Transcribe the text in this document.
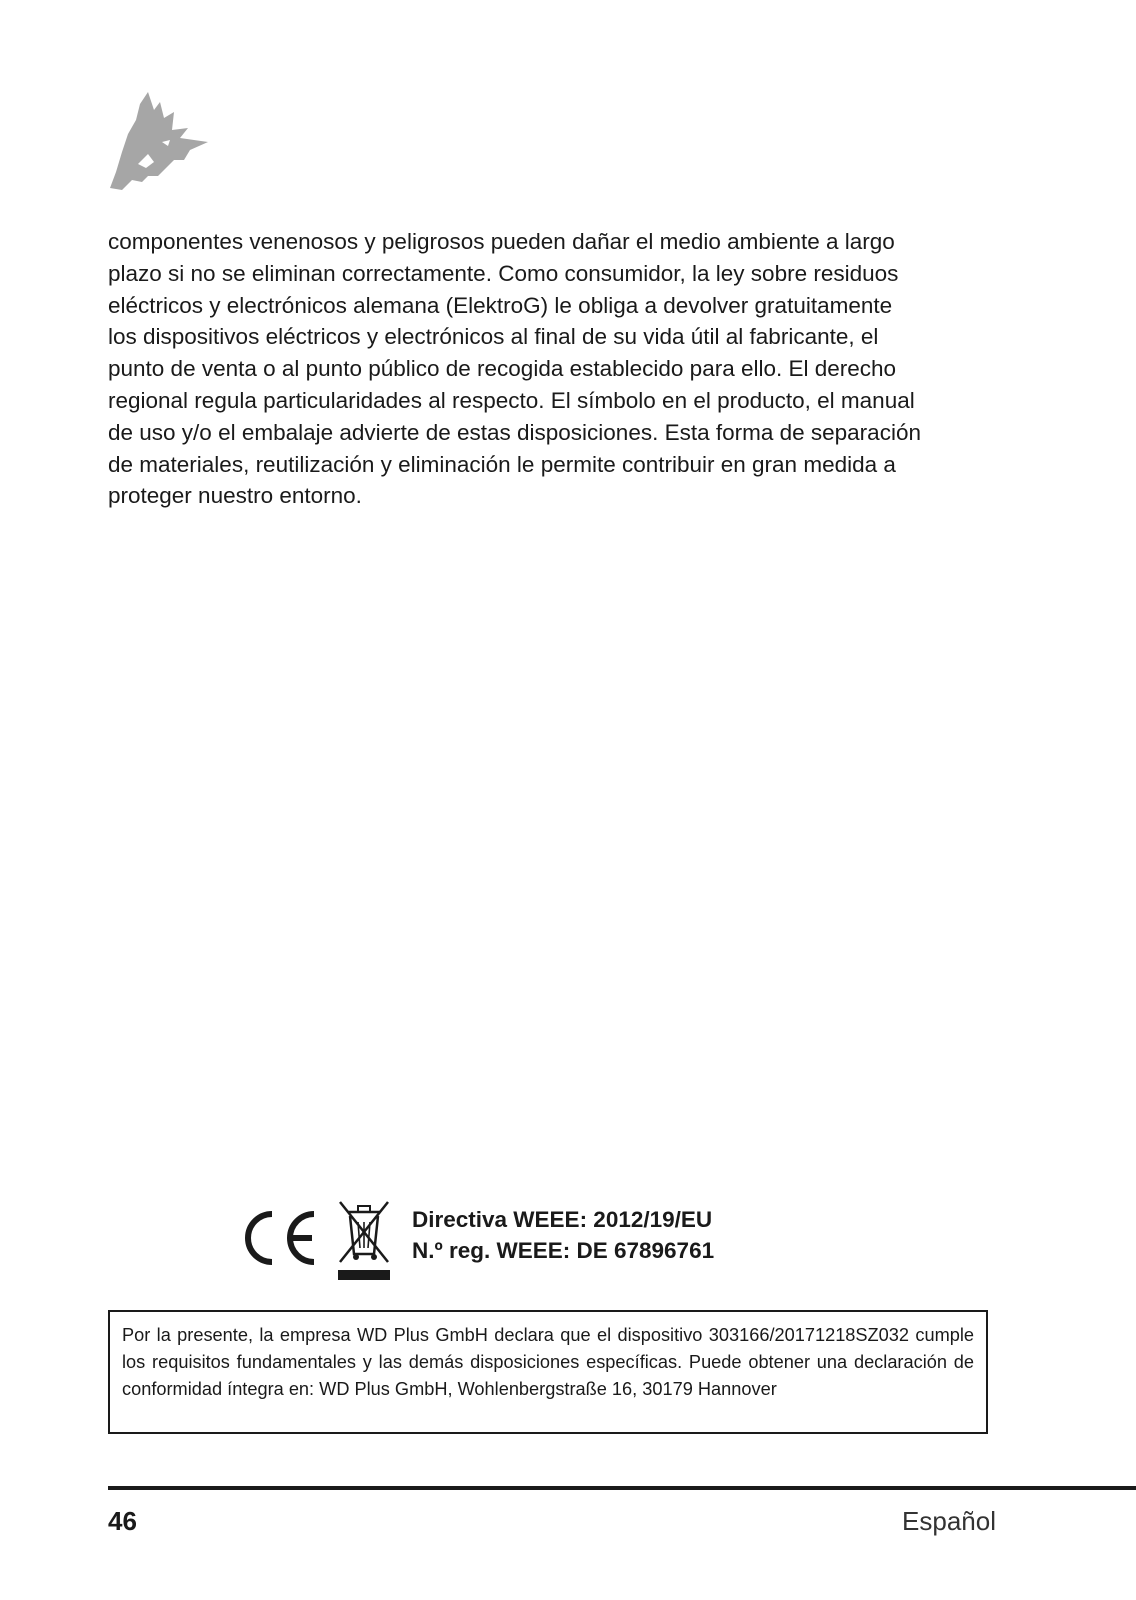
componentes venenosos y peligrosos pueden dañar el medio ambiente a largo
plazo si no se eliminan correctamente. Como consumidor, la ley sobre residuos
eléctricos y electrónicos alemana (ElektroG) le obliga a devolver gratuitamente
los dispositivos eléctricos y electrónicos al final de su vida útil al fabricante, el
punto de venta o al punto público de recogida establecido para ello. El derecho
regional regula particularidades al respecto. El símbolo en el producto, el manual
de uso y/o el embalaje advierte de estas disposiciones. Esta forma de separación
de materiales, reutilización y eliminación le permite contribuir en gran medida a
proteger nuestro entorno.

Directiva WEEE: 2012/19/EU
N.º reg. WEEE: DE 67896761
Por la presente, la empresa WD Plus GmbH declara que el dispositivo 303166/20171218SZ032 cumple los requisitos fundamentales y las demás disposiciones específicas. Puede obtener una declaración de conformidad íntegra en: WD Plus GmbH, Wohlenbergstraße 16, 30179 Hannover
46	Español
